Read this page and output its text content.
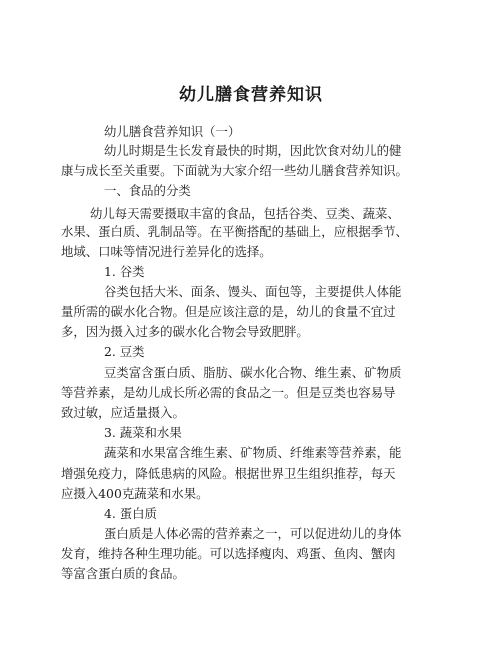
幼儿膳食营养知识
幼儿膳食营养知识（一）
幼儿时期是生长发育最快的时期，因此饮食对幼儿的健
康与成长至关重要。下面就为大家介绍一些幼儿膳食营养知识。
一、食品的分类
幼儿每天需要摄取丰富的食品，包括谷类、豆类、蔬菜、
水果、蛋白质、乳制品等。在平衡搭配的基础上，应根据季节、
地域、口味等情况进行差异化的选择。
1. 谷类
谷类包括大米、面条、馒头、面包等，主要提供人体能
量所需的碳水化合物。但是应该注意的是，幼儿的食量不宜过
多，因为摄入过多的碳水化合物会导致肥胖。
2. 豆类
豆类富含蛋白质、脂肪、碳水化合物、维生素、矿物质
等营养素，是幼儿成长所必需的食品之一。但是豆类也容易导
致过敏，应适量摄入。
3. 蔬菜和水果
蔬菜和水果富含维生素、矿物质、纤维素等营养素，能
增强免疫力，降低患病的风险。根据世界卫生组织推荐，每天
应摄入400克蔬菜和水果。
4. 蛋白质
蛋白质是人体必需的营养素之一，可以促进幼儿的身体
发育，维持各种生理功能。可以选择瘦肉、鸡蛋、鱼肉、蟹肉
等富含蛋白质的食品。
